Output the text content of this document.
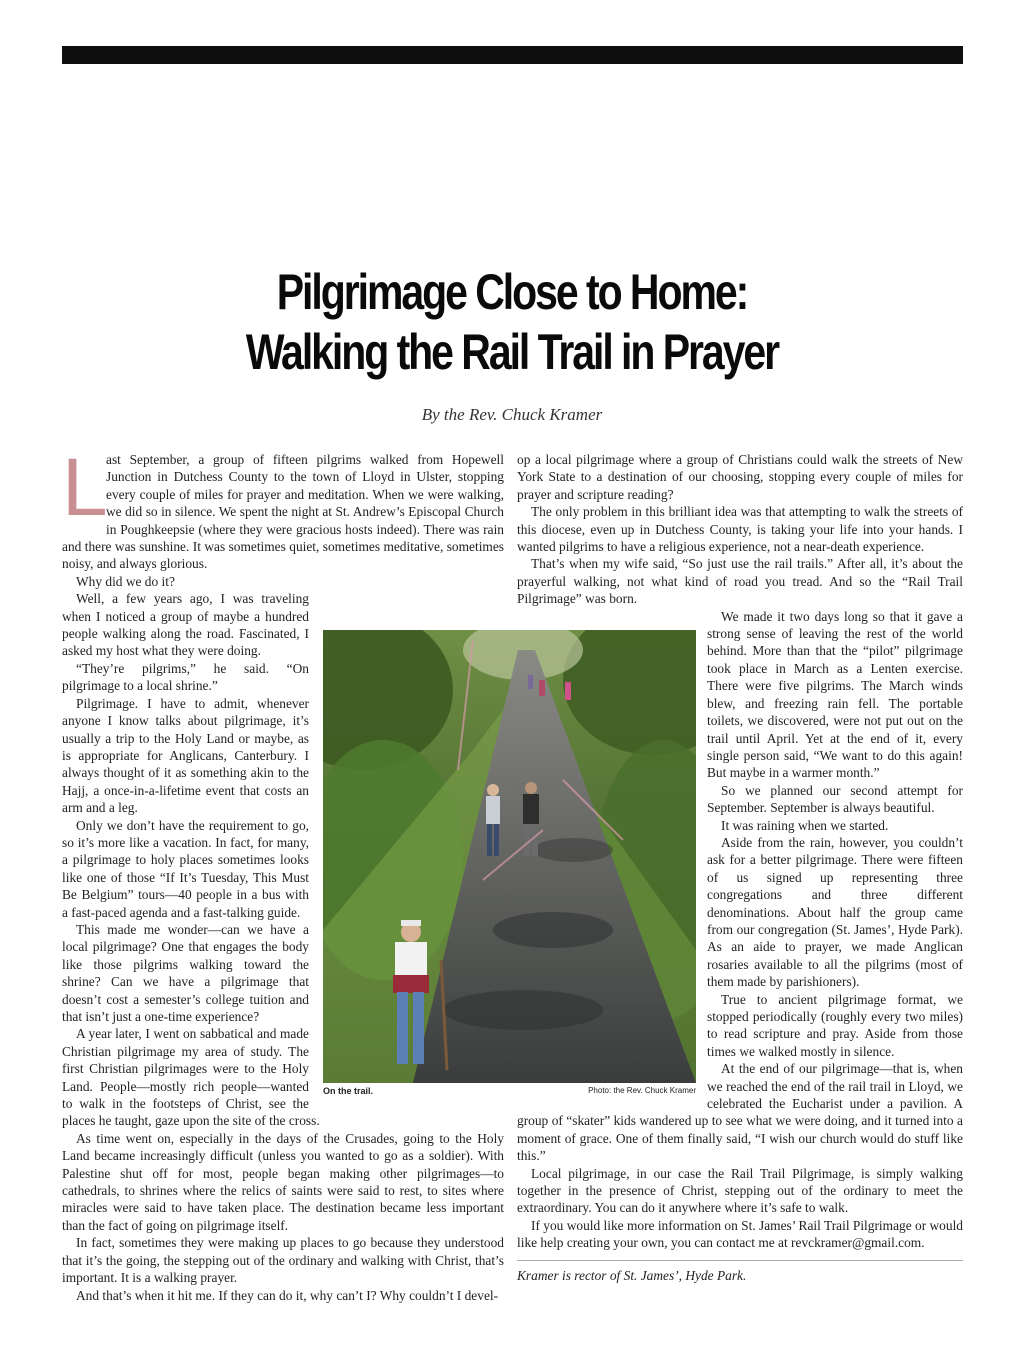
Pilgrimage Close to Home:
Walking the Rail Trail in Prayer
By the Rev. Chuck Kramer
L

ast September, a group of fifteen pilgrims walked from Hopewell Junction in Dutchess County to the town of Lloyd in Ulster, stopping every couple of miles for prayer and meditation. When we were walking, we did so in silence. We spent the night at St. Andrew’s Episcopal Church in Poughkeepsie (where they were gracious hosts indeed). There was rain and there was sunshine. It was sometimes quiet, sometimes meditative, sometimes noisy, and always glorious.

Why did we do it?

Well, a few years ago, I was traveling when I noticed a group of maybe a hundred people walking along the road. Fascinated, I asked my host what they were doing.

“They’re pilgrims,” he said. “On pilgrimage to a local shrine.”

Pilgrimage. I have to admit, whenever anyone I know talks about pilgrimage, it’s usually a trip to the Holy Land or maybe, as is appropriate for Anglicans, Canterbury. I always thought of it as something akin to the Hajj, a once-in-a-lifetime event that costs an arm and a leg.

Only we don’t have the requirement to go, so it’s more like a vacation. In fact, for many, a pilgrimage to holy places sometimes looks like one of those “If It’s Tuesday, This Must Be Belgium” tours—40 people in a bus with a fast-paced agenda and a fast-talking guide.

This made me wonder—can we have a local pilgrimage? One that engages the body like those pilgrims walking toward the shrine? Can we have a pilgrimage that doesn’t cost a semester’s college tuition and that isn’t just a one-time experience?

A year later, I went on sabbatical and made Christian pilgrimage my area of study. The first Christian pilgrimages were to the Holy Land. People—mostly rich people—wanted to walk in the footsteps of Christ, see the places he taught, gaze upon the site of the cross.

As time went on, especially in the days of the Crusades, going to the Holy Land became increasingly difficult (unless you wanted to go as a soldier). With Palestine shut off for most, people began making other pilgrimages—to cathedrals, to shrines where the relics of saints were said to rest, to sites where miracles were said to have taken place. The destination became less important than the fact of going on pilgrimage itself.

In fact, sometimes they were making up places to go because they understood that it’s the going, the stepping out of the ordinary and walking with Christ, that’s important. It is a walking prayer.

And that’s when it hit me. If they can do it, why can’t I? Why couldn’t I devel-

op a local pilgrimage where a group of Christians could walk the streets of New York State to a destination of our choosing, stopping every couple of miles for prayer and scripture reading?

The only problem in this brilliant idea was that attempting to walk the streets of this diocese, even up in Dutchess County, is taking your life into your hands. I wanted pilgrims to have a religious experience, not a near-death experience.

That’s when my wife said, “So just use the rail trails.” After all, it’s about the prayerful walking, not what kind of road you tread. And so the “Rail Trail Pilgrimage” was born.

We made it two days long so that it gave a strong sense of leaving the rest of the world behind. More than that the “pilot” pilgrimage took place in March as a Lenten exercise. There were five pilgrims. The March winds blew, and freezing rain fell. The portable toilets, we discovered, were not put out on the trail until April. Yet at the end of it, every single person said, “We want to do this again! But maybe in a warmer month.”

So we planned our second attempt for September. September is always beautiful.

It was raining when we started.

Aside from the rain, however, you couldn’t ask for a better pilgrimage. There were fifteen of us signed up representing three congregations and three different denominations. About half the group came from our congregation (St. James’, Hyde Park). As an aide to prayer, we made Anglican rosaries available to all the pilgrims (most of them made by parishioners).

True to ancient pilgrimage format, we stopped periodically (roughly every two miles) to read scripture and pray. Aside from those times we walked mostly in silence.

At the end of our pilgrimage—that is, when we reached the end of the rail trail in Lloyd, we celebrated the Eucharist under a pavilion. A group of “skater” kids wandered up to see what we were doing, and it turned into a moment of grace. One of them finally said, “I wish our church would do stuff like this.”

Local pilgrimage, in our case the Rail Trail Pilgrimage, is simply walking together in the presence of Christ, stepping out of the ordinary to meet the extraordinary. You can do it anywhere where it’s safe to walk.

If you would like more information on St. James’ Rail Trail Pilgrimage or would like help creating your own, you can contact me at revckramer@gmail.com.

Kramer is rector of St. James’, Hyde Park.

On the trail.	Photo: the Rev. Chuck Kramer
